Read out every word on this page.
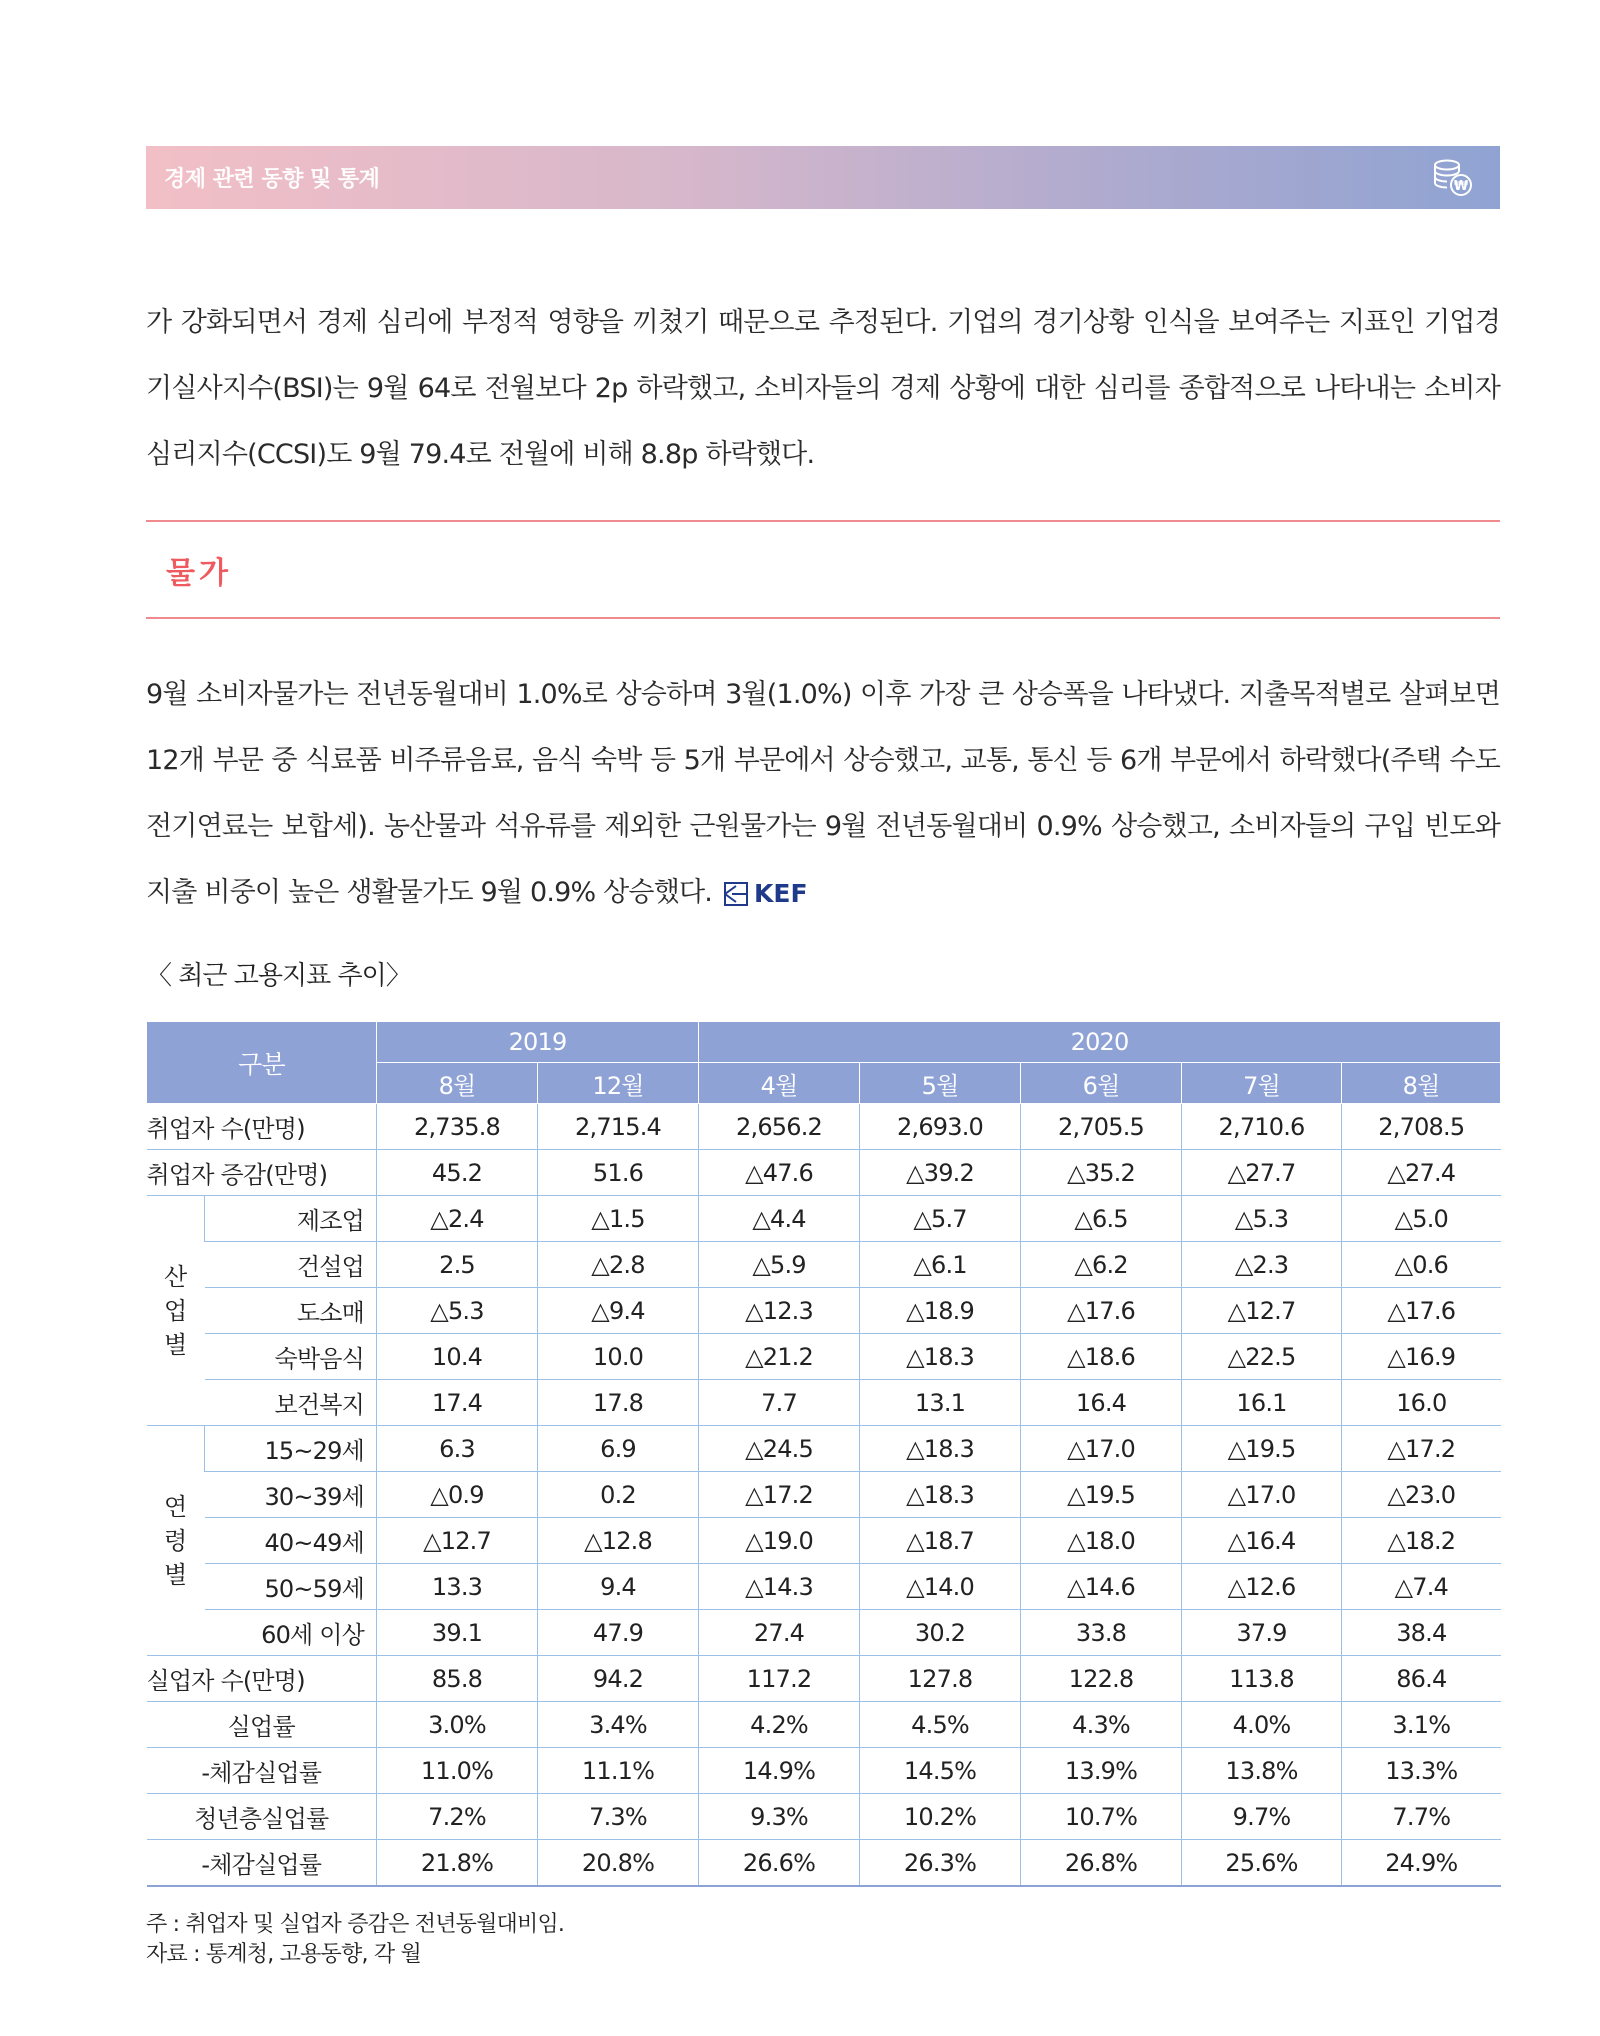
경제 관련 동향 및 통계	₩
가 강화되면서 경제 심리에 부정적 영향을 끼쳤기 때문으로 추정된다. 기업의 경기상황 인식을 보여주는 지표인 기업경기실사지수(BSI)는 9월 64로 전월보다 2p 하락했고, 소비자들의 경제 상황에 대한 심리를 종합적으로 나타내는 소비자심리지수(CCSI)도 9월 79.4로 전월에 비해 8.8p 하락했다.
물가
9월 소비자물가는 전년동월대비 1.0%로 상승하며 3월(1.0%) 이후 가장 큰 상승폭을 나타냈다. 지출목적별로 살펴보면 12개 부문 중 식료품 비주류음료, 음식 숙박 등 5개 부문에서 상승했고, 교통, 통신 등 6개 부문에서 하락했다(주택 수도 전기연료는 보합세). 농산물과 석유류를 제외한 근원물가는 9월 전년동월대비 0.9% 상승했고, 소비자들의 구입 빈도와 지출 비중이 높은 생활물가도 9월 0.9% 상승했다. KEF
〈 최근 고용지표 추이〉
구분		2019		2020				
		8월	12월	4월	5월	6월	7월	8월
취업자 수(만명)		2,735.8	2,715.4	2,656.2	2,693.0	2,705.5	2,710.6	2,708.5
취업자 증감(만명)		45.2	51.6	△47.6	△39.2	△35.2	△27.7	△27.4

산
업
별	제조업	△2.4	△1.5	△4.4	△5.7	△6.5	△5.3	△5.0
	건설업	2.5	△2.8	△5.9	△6.1	△6.2	△2.3	△0.6
	도소매	△5.3	△9.4	△12.3	△18.9	△17.6	△12.7	△17.6
	숙박음식	10.4	10.0	△21.2	△18.3	△18.6	△22.5	△16.9
	보건복지	17.4	17.8	7.7	13.1	16.4	16.1	16.0

연
령
별	15~29세	6.3	6.9	△24.5	△18.3	△17.0	△19.5	△17.2
	30~39세	△0.9	0.2	△17.2	△18.3	△19.5	△17.0	△23.0
	40~49세	△12.7	△12.8	△19.0	△18.7	△18.0	△16.4	△18.2
	50~59세	13.3	9.4	△14.3	△14.0	△14.6	△12.6	△7.4
	60세 이상	39.1	47.9	27.4	30.2	33.8	37.9	38.4
실업자 수(만명)		85.8	94.2	117.2	127.8	122.8	113.8	86.4
실업률		3.0%	3.4%	4.2%	4.5%	4.3%	4.0%	3.1%
-체감실업률		11.0%	11.1%	14.9%	14.5%	13.9%	13.8%	13.3%
청년층실업률		7.2%	7.3%	9.3%	10.2%	10.7%	9.7%	7.7%
-체감실업률		21.8%	20.8%	26.6%	26.3%	26.8%	25.6%	24.9%
주 : 취업자 및 실업자 증감은 전년동월대비임.
자료 : 통계청, 고용동향, 각 월
